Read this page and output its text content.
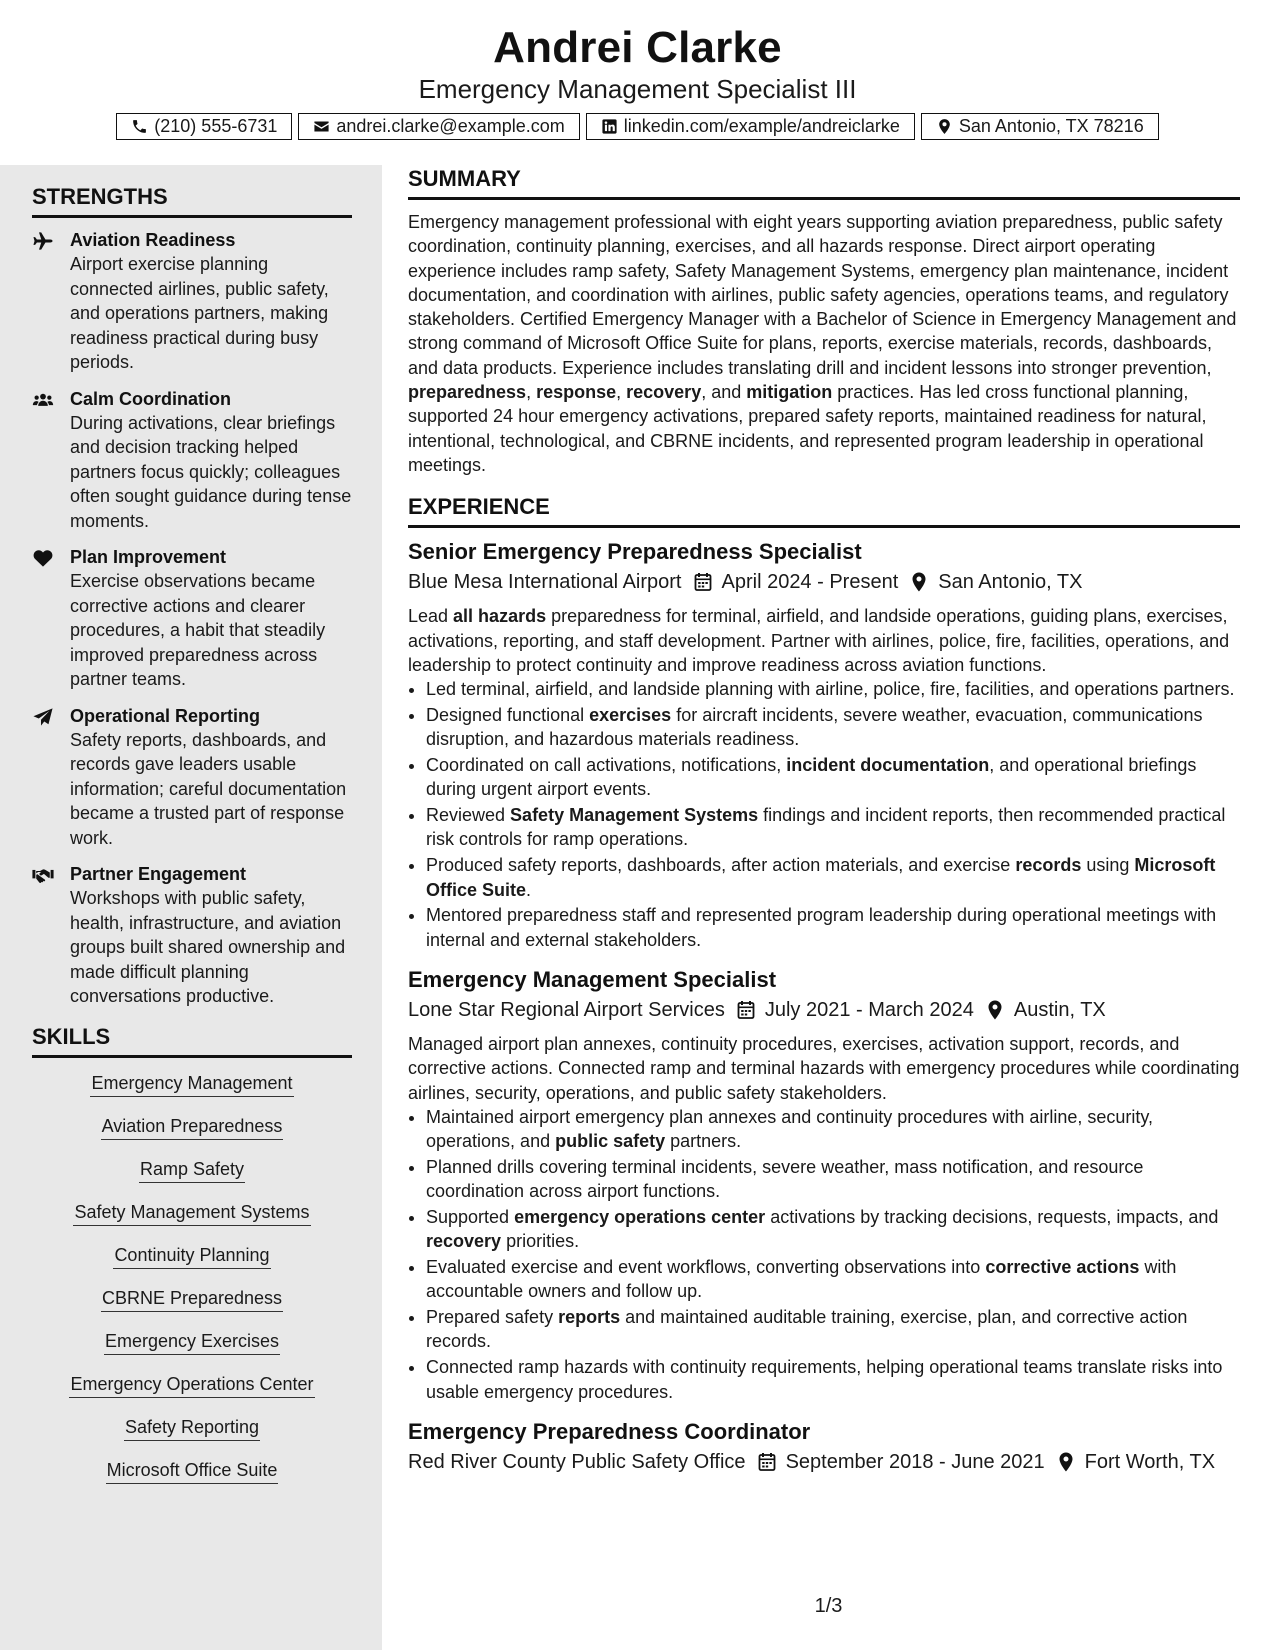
Andrei Clarke
Emergency Management Specialist III
(210) 555-6731	andrei.clarke@example.com	linkedin.com/example/andreiclarke	San Antonio, TX 78216
STRENGTHS
Aviation Readiness
Airport exercise planning connected airlines, public safety, and operations partners, making readiness practical during busy periods.
Calm Coordination
During activations, clear briefings and decision tracking helped partners focus quickly; colleagues often sought guidance during tense moments.
Plan Improvement
Exercise observations became corrective actions and clearer procedures, a habit that steadily improved preparedness across partner teams.
Operational Reporting
Safety reports, dashboards, and records gave leaders usable information; careful documentation became a trusted part of response work.
Partner Engagement
Workshops with public safety, health, infrastructure, and aviation groups built shared ownership and made difficult planning conversations productive.
SKILLS
Emergency Management
Aviation Preparedness
Ramp Safety
Safety Management Systems
Continuity Planning
CBRNE Preparedness
Emergency Exercises
Emergency Operations Center
Safety Reporting
Microsoft Office Suite
SUMMARY
Emergency management professional with eight years supporting aviation preparedness, public safety coordination, continuity planning, exercises, and all hazards response. Direct airport operating experience includes ramp safety, Safety Management Systems, emergency plan maintenance, incident documentation, and coordination with airlines, public safety agencies, operations teams, and regulatory stakeholders. Certified Emergency Manager with a Bachelor of Science in Emergency Management and strong command of Microsoft Office Suite for plans, reports, exercise materials, records, dashboards, and data products. Experience includes translating drill and incident lessons into stronger prevention, preparedness, response, recovery, and mitigation practices. Has led cross functional planning, supported 24 hour emergency activations, prepared safety reports, maintained readiness for natural, intentional, technological, and CBRNE incidents, and represented program leadership in operational meetings.
EXPERIENCE
Senior Emergency Preparedness Specialist
Blue Mesa International Airport April 2024 - Present San Antonio, TX
Lead all hazards preparedness for terminal, airfield, and landside operations, guiding plans, exercises, activations, reporting, and staff development. Partner with airlines, police, fire, facilities, operations, and leadership to protect continuity and improve readiness across aviation functions.
• Led terminal, airfield, and landside planning with airline, police, fire, facilities, and operations partners.
• Designed functional exercises for aircraft incidents, severe weather, evacuation, communications disruption, and hazardous materials readiness.
• Coordinated on call activations, notifications, incident documentation, and operational briefings during urgent airport events.
• Reviewed Safety Management Systems findings and incident reports, then recommended practical risk controls for ramp operations.
• Produced safety reports, dashboards, after action materials, and exercise records using Microsoft Office Suite.
• Mentored preparedness staff and represented program leadership during operational meetings with internal and external stakeholders.
Emergency Management Specialist
Lone Star Regional Airport Services July 2021 - March 2024 Austin, TX
Managed airport plan annexes, continuity procedures, exercises, activation support, records, and corrective actions. Connected ramp and terminal hazards with emergency procedures while coordinating airlines, security, operations, and public safety stakeholders.
• Maintained airport emergency plan annexes and continuity procedures with airline, security, operations, and public safety partners.
• Planned drills covering terminal incidents, severe weather, mass notification, and resource coordination across airport functions.
• Supported emergency operations center activations by tracking decisions, requests, impacts, and recovery priorities.
• Evaluated exercise and event workflows, converting observations into corrective actions with accountable owners and follow up.
• Prepared safety reports and maintained auditable training, exercise, plan, and corrective action records.
• Connected ramp hazards with continuity requirements, helping operational teams translate risks into usable emergency procedures.
Emergency Preparedness Coordinator
Red River County Public Safety Office September 2018 - June 2021 Fort Worth, TX
1/3
